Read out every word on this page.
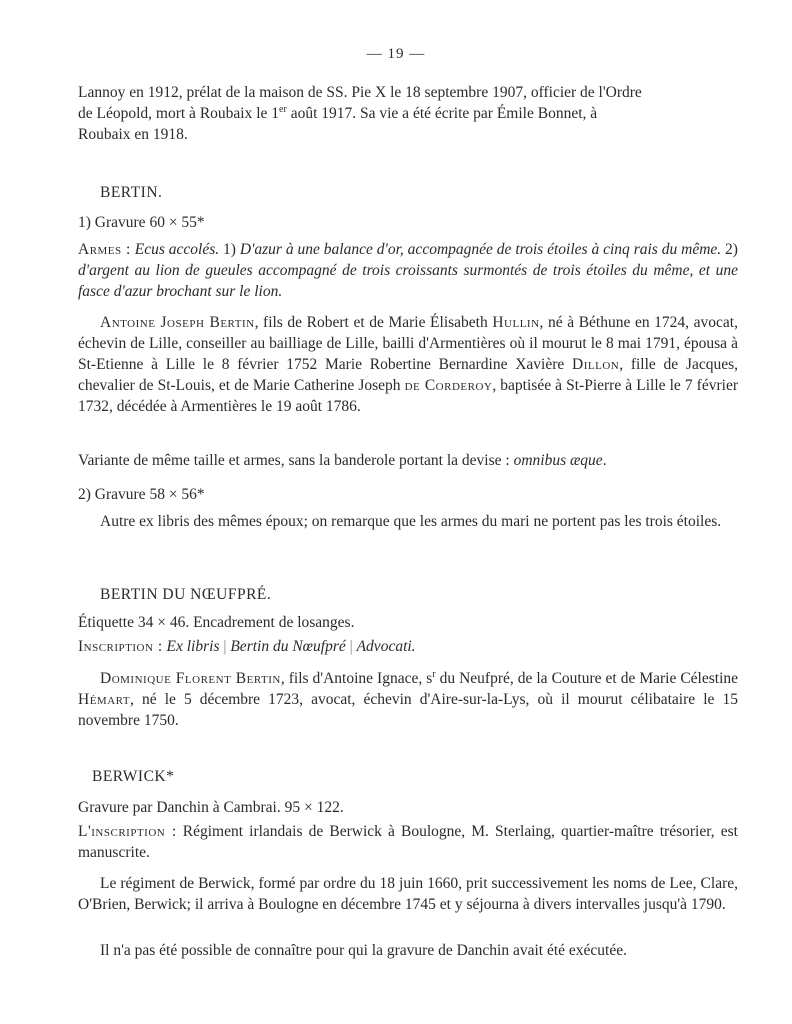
— 19 —

Lannoy en 1912, prélat de la maison de SS. Pie X le 18 septembre 1907, officier de l'Ordre
de Léopold, mort à Roubaix le 1er août 1917. Sa vie a été écrite par Émile Bonnet, à
Roubaix en 1918.

BERTIN.

1) Gravure 60 × 55*

Armes : Ecus accolés. 1) D'azur à une balance d'or, accompagnée de trois étoiles à cinq rais du même. 2) d'argent au lion de gueules accompagné de trois croissants surmontés de trois étoiles du même, et une fasce d'azur brochant sur le lion.

Antoine Joseph Bertin, fils de Robert et de Marie Élisabeth Hullin, né à Béthune en 1724, avocat, échevin de Lille, conseiller au bailliage de Lille, bailli d'Armentières où il mourut le 8 mai 1791, épousa à St-Etienne à Lille le 8 février 1752 Marie Robertine Bernardine Xavière Dillon, fille de Jacques, chevalier de St-Louis, et de Marie Catherine Joseph de Corderoy, baptisée à St-Pierre à Lille le 7 février 1732, décédée à Armentières le 19 août 1786.

Variante de même taille et armes, sans la banderole portant la devise : omnibus æque.

2) Gravure 58 × 56*

Autre ex libris des mêmes époux; on remarque que les armes du mari ne portent pas les trois étoiles.

BERTIN DU NŒUFPRÉ.

Étiquette 34 × 46. Encadrement de losanges.

Inscription : Ex libris | Bertin du Nœufpré | Advocati.

Dominique Florent Bertin, fils d'Antoine Ignace, $s^r$ du Neufpré, de la Couture et de Marie Célestine Hémart, né le 5 décembre 1723, avocat, échevin d'Aire-sur-la-Lys, où il mourut célibataire le 15 novembre 1750.

BERWICK*

Gravure par Danchin à Cambrai. 95 × 122.

L'inscription : Régiment irlandais de Berwick à Boulogne, M. Sterlaing, quartier-maître trésorier, est manuscrite.

Le régiment de Berwick, formé par ordre du 18 juin 1660, prit successivement les noms de Lee, Clare, O'Brien, Berwick; il arriva à Boulogne en décembre 1745 et y séjourna à divers intervalles jusqu'à 1790.

Il n'a pas été possible de connaître pour qui la gravure de Danchin avait été exécutée.
